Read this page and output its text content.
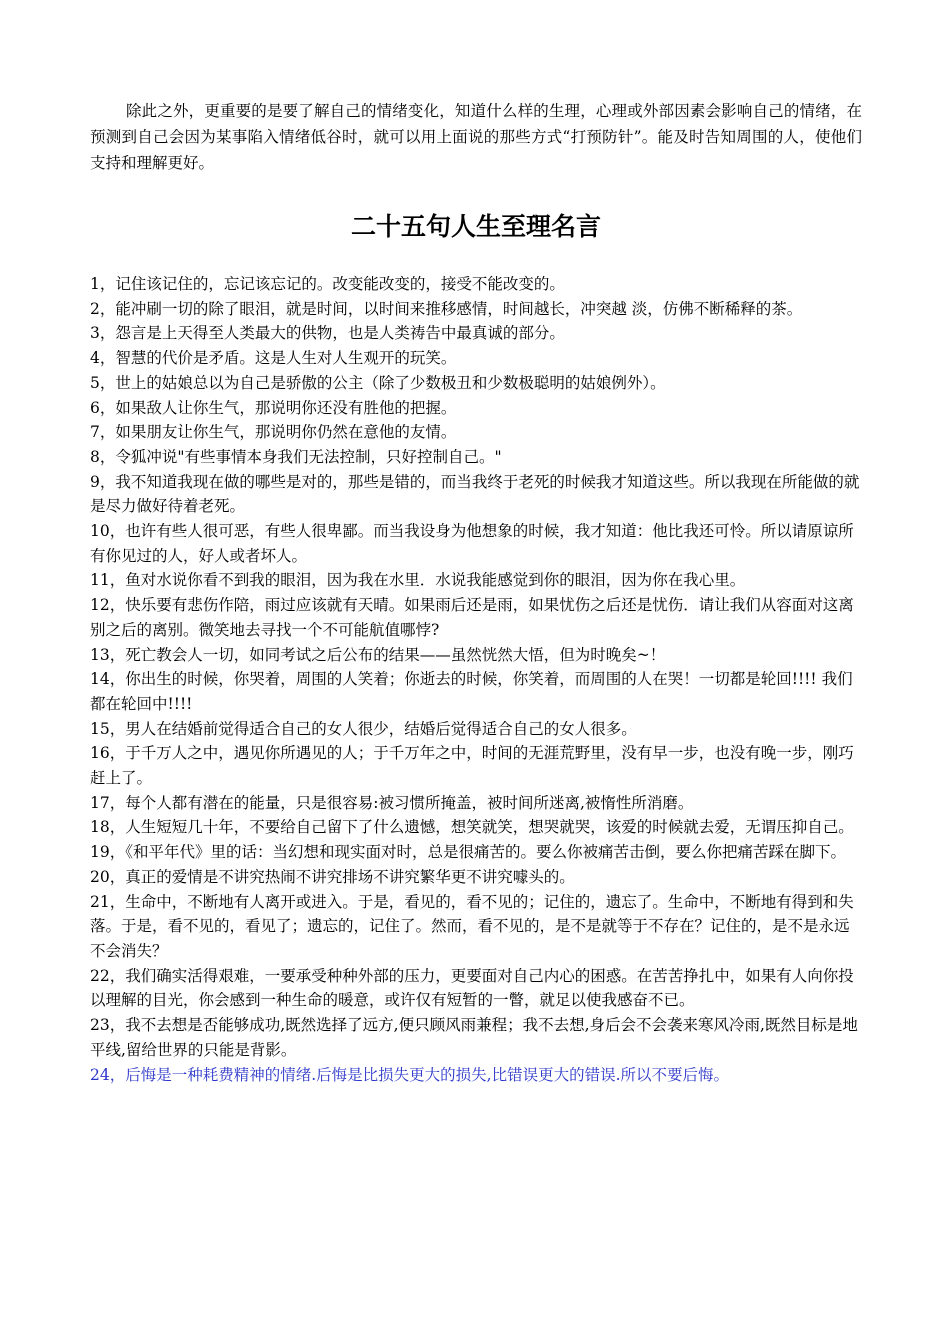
除此之外，更重要的是要了解自己的情绪变化，知道什么样的生理，心理或外部因素会影响自己的情绪，在预测到自己会因为某事陷入情绪低谷时，就可以用上面说的那些方式“打预防针”。能及时告知周围的人，使他们支持和理解更好。

二十五句人生至理名言
1，记住该记住的，忘记该忘记的。改变能改变的，接受不能改变的。
2，能冲刷一切的除了眼泪，就是时间，以时间来推移感情，时间越长，冲突越 淡，仿佛不断稀释的茶。
3，怨言是上天得至人类最大的供物，也是人类祷告中最真诚的部分。
4，智慧的代价是矛盾。这是人生对人生观开的玩笑。
5，世上的姑娘总以为自己是骄傲的公主（除了少数极丑和少数极聪明的姑娘例外）。
6，如果敌人让你生气，那说明你还没有胜他的把握。
7，如果朋友让你生气，那说明你仍然在意他的友情。
8，令狐冲说"有些事情本身我们无法控制，只好控制自己。"
9，我不知道我现在做的哪些是对的，那些是错的，而当我终于老死的时候我才知道这些。所以我现在所能做的就是尽力做好待着老死。
10，也许有些人很可恶，有些人很卑鄙。而当我设身为他想象的时候，我才知道：他比我还可怜。所以请原谅所有你见过的人，好人或者坏人。
11，鱼对水说你看不到我的眼泪，因为我在水里．水说我能感觉到你的眼泪，因为你在我心里。
12，快乐要有悲伤作陪，雨过应该就有天晴。如果雨后还是雨，如果忧伤之后还是忧伤．请让我们从容面对这离别之后的离别。微笑地去寻找一个不可能航值哪悖?
13，死亡教会人一切，如同考试之后公布的结果——虽然恍然大悟，但为时晚矣~！
14，你出生的时候，你哭着，周围的人笑着；你逝去的时候，你笑着，而周围的人在哭！一切都是轮回!!!! 我们都在轮回中!!!!
15，男人在结婚前觉得适合自己的女人很少，结婚后觉得适合自己的女人很多。
16，于千万人之中，遇见你所遇见的人；于千万年之中，时间的无涯荒野里，没有早一步，也没有晚一步，刚巧赶上了。
17，每个人都有潜在的能量，只是很容易:被习惯所掩盖，被时间所迷离,被惰性所消磨。
18，人生短短几十年，不要给自己留下了什么遗憾，想笑就笑，想哭就哭，该爱的时候就去爱，无谓压抑自己。
19，《和平年代》里的话：当幻想和现实面对时，总是很痛苦的。要么你被痛苦击倒，要么你把痛苦踩在脚下。
20，真正的爱情是不讲究热闹不讲究排场不讲究繁华更不讲究噱头的。
21，生命中，不断地有人离开或进入。于是，看见的，看不见的；记住的，遗忘了。生命中，不断地有得到和失落。于是，看不见的，看见了；遗忘的，记住了。然而，看不见的，是不是就等于不存在？记住的，是不是永远不会消失？
22，我们确实活得艰难，一要承受种种外部的压力，更要面对自己内心的困惑。在苦苦挣扎中，如果有人向你投以理解的目光，你会感到一种生命的暖意，或许仅有短暂的一瞥，就足以使我感奋不已。
23，我不去想是否能够成功,既然选择了远方,便只顾风雨兼程；我不去想,身后会不会袭来寒风冷雨,既然目标是地平线,留给世界的只能是背影。
24，后悔是一种耗费精神的情绪.后悔是比损失更大的损失,比错误更大的错误.所以不要后悔。
